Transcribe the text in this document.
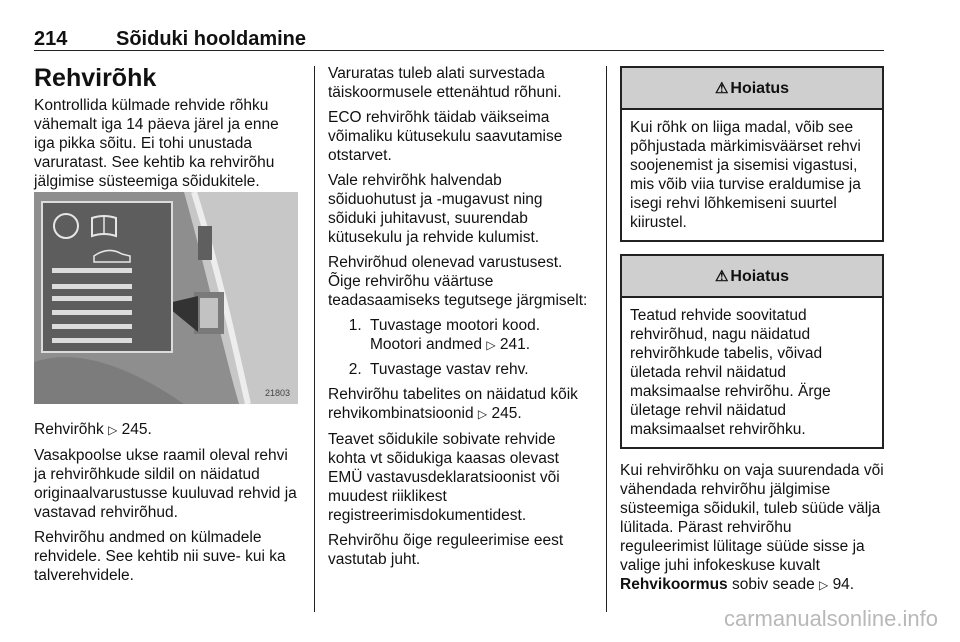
214 Sõiduki hooldamine
Rehvirõhk

Kontrollida külmade rehvide rõhku vähemalt iga 14 päeva järel ja enne iga pikka sõitu. Ei tohi unustada varuratast. See kehtib ka rehvirõhu jälgimise süsteemiga sõidukitele.

21803

Rehvirõhk ▷ 245.

Vasakpoolse ukse raamil oleval rehvi ja rehvirõhkude sildil on näidatud originaalvarustusse kuuluvad rehvid ja vastavad rehvirõhud.

Rehvirõhu andmed on külmadele rehvidele. See kehtib nii suve- kui ka talverehvidele.

Varuratas tuleb alati survestada täiskoormusele ettenähtud rõhuni.

ECO rehvirõhk täidab väikseima võimaliku kütusekulu saavutamise otstarvet.

Vale rehvirõhk halvendab sõiduohutust ja -mugavust ning sõiduki juhitavust, suurendab kütusekulu ja rehvide kulumist.

Rehvirõhud olenevad varustusest. Õige rehvirõhu väärtuse teadasaamiseks tegutsege järgmiselt:

1. Tuvastage mootori kood. Mootori andmed ▷ 241.
2. Tuvastage vastav rehv.

Rehvirõhu tabelites on näidatud kõik rehvikombinatsioonid ▷ 245.

Teavet sõidukile sobivate rehvide kohta vt sõidukiga kaasas olevast EMÜ vastavusdeklaratsioonist või muudest riiklikest registreerimisdokumentidest.

Rehvirõhu õige reguleerimise eest vastutab juht.

⚠ Hoiatus
Kui rõhk on liiga madal, võib see põhjustada märkimisväärset rehvi soojenemist ja sisemisi vigastusi, mis võib viia turvise eraldumise ja isegi rehvi lõhkemiseni suurtel kiirustel.
⚠ Hoiatus
Teatud rehvide soovitatud rehvirõhud, nagu näidatud rehvirõhkude tabelis, võivad ületada rehvil näidatud maksimaalse rehvirõhu. Ärge ületage rehvil näidatud maksimaalset rehvirõhku.

Kui rehvirõhku on vaja suurendada või vähendada rehvirõhu jälgimise süsteemiga sõidukil, tuleb süüde välja lülitada. Pärast rehvirõhu reguleerimist lülitage süüde sisse ja valige juhi infokeskuse kuvalt Rehvikoormus sobiv seade ▷ 94.

carmanualsonline.info
